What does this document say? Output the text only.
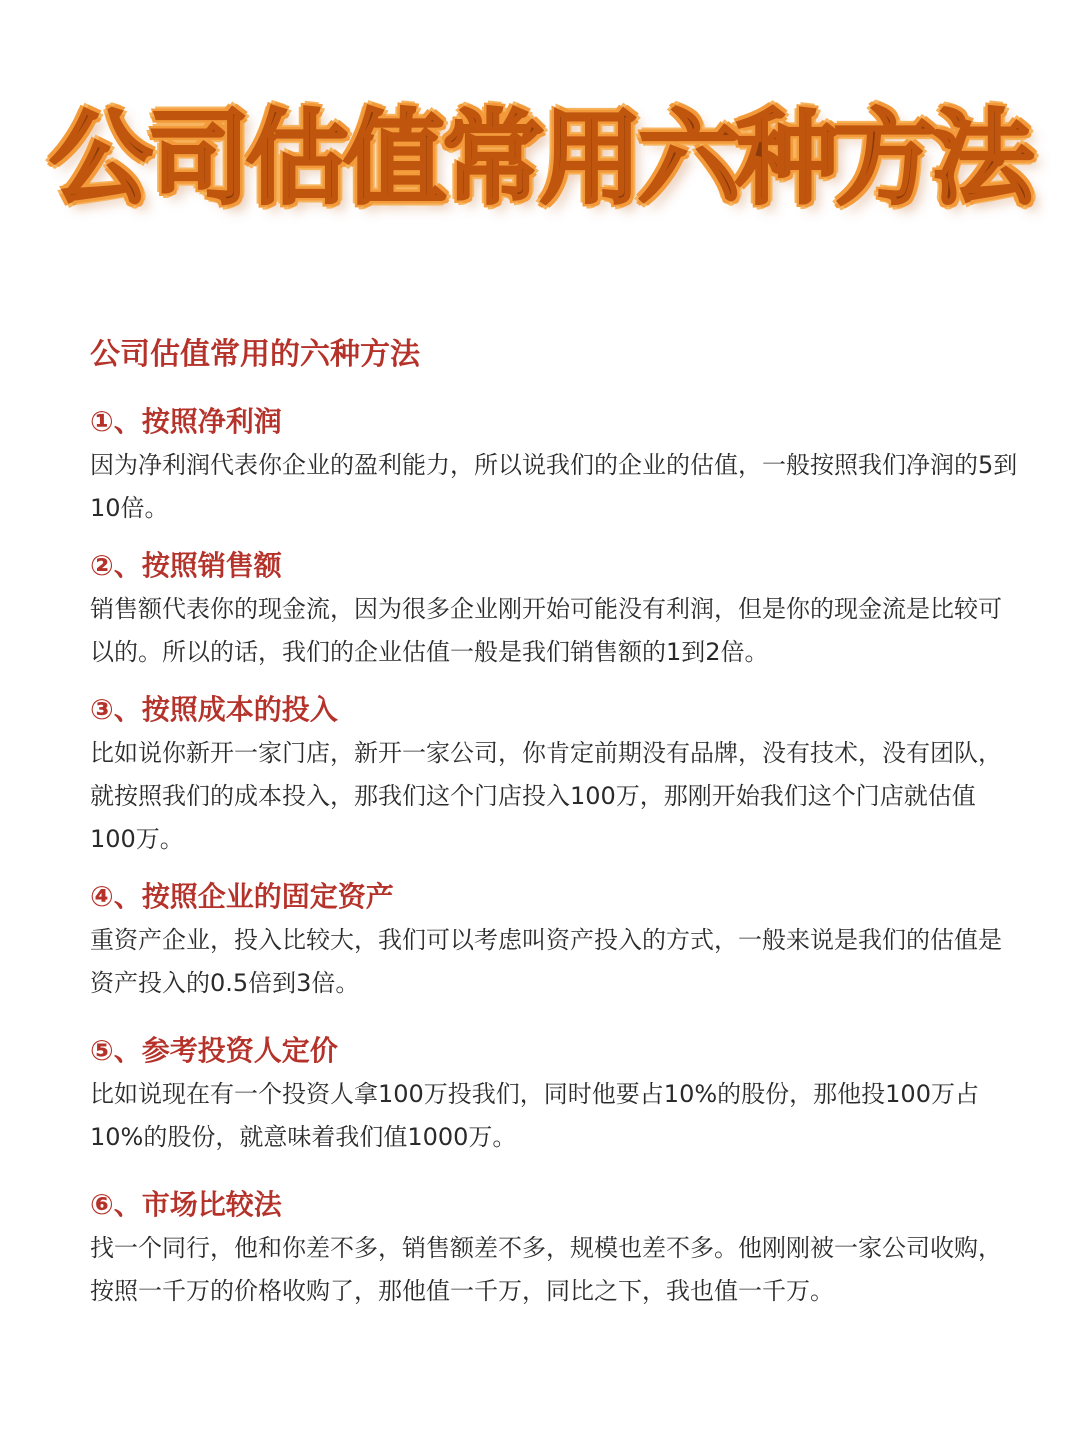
公司估值常用六种方法
公司估值常用的六种方法
①、按照净利润
因为净利润代表你企业的盈利能力，所以说我们的企业的估值，一般按照我们净润的5到10倍。
②、按照销售额
销售额代表你的现金流，因为很多企业刚开始可能没有利润，但是你的现金流是比较可以的。所以的话，我们的企业估值一般是我们销售额的1到2倍。
③、按照成本的投入
比如说你新开一家门店，新开一家公司，你肯定前期没有品牌，没有技术，没有团队，就按照我们的成本投入，那我们这个门店投入100万，那刚开始我们这个门店就估值100万。
④、按照企业的固定资产
重资产企业，投入比较大，我们可以考虑叫资产投入的方式，一般来说是我们的估值是资产投入的0.5倍到3倍。
⑤、参考投资人定价
比如说现在有一个投资人拿100万投我们，同时他要占10%的股份，那他投100万占10%的股份，就意味着我们值1000万。
⑥、市场比较法
找一个同行，他和你差不多，销售额差不多，规模也差不多。他刚刚被一家公司收购，按照一千万的价格收购了，那他值一千万，同比之下，我也值一千万。
